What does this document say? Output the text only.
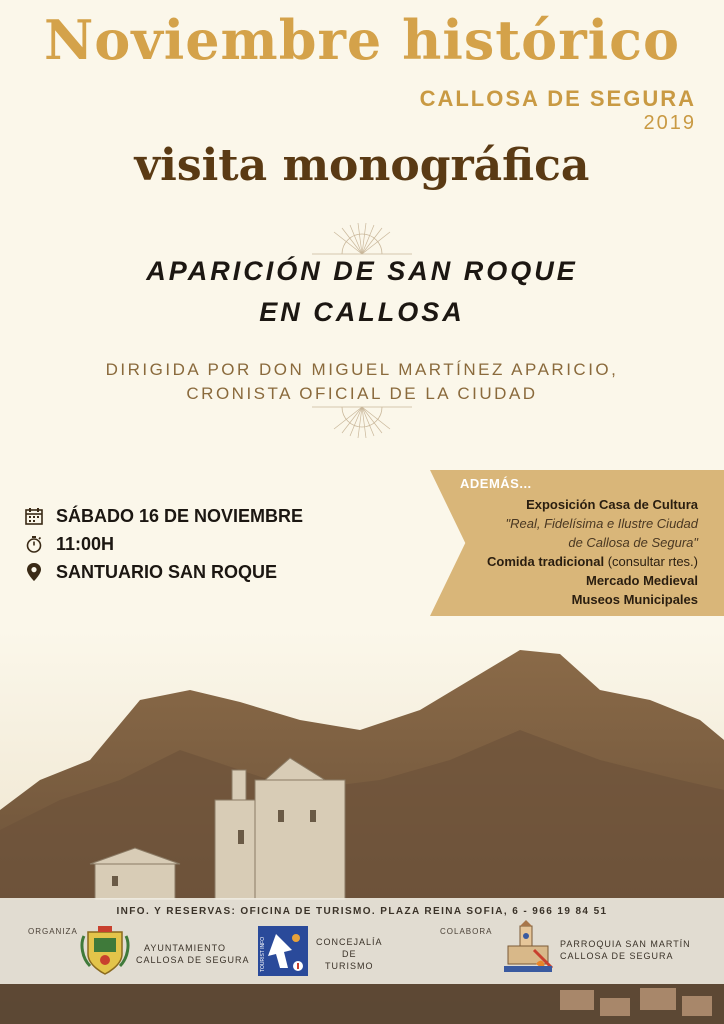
Noviembre histórico
CALLOSA DE SEGURA
2019
visita monográfica
APARICIÓN DE SAN ROQUE
EN CALLOSA
DIRIGIDA POR DON MIGUEL MARTÍNEZ APARICIO,
CRONISTA OFICIAL DE LA CIUDAD
SÁBADO 16 DE NOVIEMBRE
11:00H
SANTUARIO SAN ROQUE
ADEMÁS...
Exposición Casa de Cultura
"Real, Fidelísima e Ilustre Ciudad
de Callosa de Segura"
Comida tradicional (consultar rtes.)
Mercado Medieval
Museos Municipales
INFO. Y RESERVAS: OFICINA DE TURISMO. PLAZA REINA SOFIA, 6 - 966 19 84 51
ORGANIZA
AYUNTAMIENTO
CALLOSA DE SEGURA TOURIST INFO	CONCEJALÍA
DE
TURISMO
COLABORA
PARROQUIA SAN MARTÍN
CALLOSA DE SEGURA
